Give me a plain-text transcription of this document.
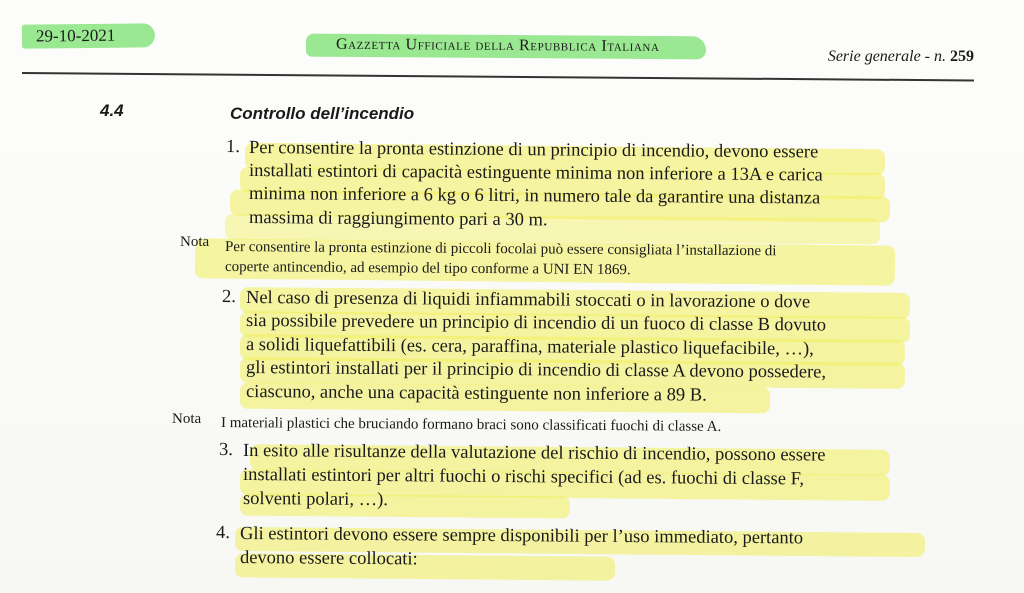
29-10-2021	Gazzetta Ufficiale della Repubblica Italiana
Serie generale - n. 259
4.4	Controllo dell’incendio
1. Per consentire la pronta estinzione di un principio di incendio, devono essere
installati estintori di capacità estinguente minima non inferiore a 13A e carica
minima non inferiore a 6 kg o 6 litri, in numero tale da garantire una distanza
massima di raggiungimento pari a 30 m.
Nota Per consentire la pronta estinzione di piccoli focolai può essere consigliata l’installazione di
coperte antincendio, ad esempio del tipo conforme a UNI EN 1869.
2. Nel caso di presenza di liquidi infiammabili stoccati o in lavorazione o dove
sia possibile prevedere un principio di incendio di un fuoco di classe B dovuto
a solidi liquefattibili (es. cera, paraffina, materiale plastico liquefacibile, …),
gli estintori installati per il principio di incendio di classe A devono possedere,
ciascuno, anche una capacità estinguente non inferiore a 89 B.
Nota I materiali plastici che bruciando formano braci sono classificati fuochi di classe A.
3. In esito alle risultanze della valutazione del rischio di incendio, possono essere
installati estintori per altri fuochi o rischi specifici (ad es. fuochi di classe F,
solventi polari, …).
4. Gli estintori devono essere sempre disponibili per l’uso immediato, pertanto
devono essere collocati:
